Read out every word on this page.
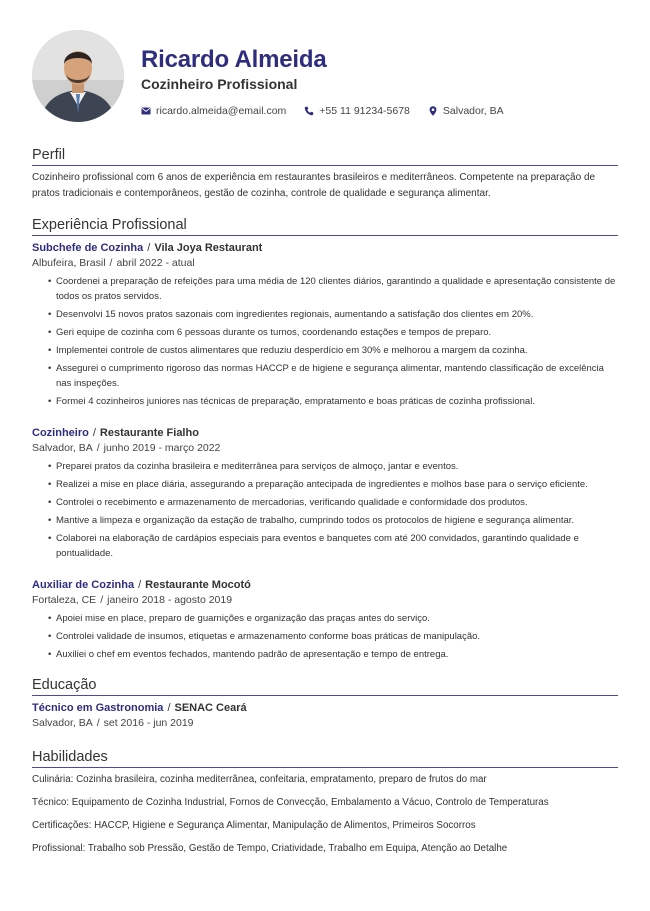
Ricardo Almeida
Cozinheiro Profissional
ricardo.almeida@email.com	+55 11 91234-5678	Salvador, BA
Perfil
Cozinheiro profissional com 6 anos de experiência em restaurantes brasileiros e mediterrâneos. Competente na preparação de pratos tradicionais e contemporâneos, gestão de cozinha, controle de qualidade e segurança alimentar.
Experiência Profissional
Subchefe de Cozinha / Vila Joya Restaurant
Albufeira, Brasil / abril 2022 - atual
• Coordenei a preparação de refeições para uma média de 120 clientes diários, garantindo a qualidade e apresentação consistente de todos os pratos servidos.
• Desenvolvi 15 novos pratos sazonais com ingredientes regionais, aumentando a satisfação dos clientes em 20%.
• Geri equipe de cozinha com 6 pessoas durante os turnos, coordenando estações e tempos de preparo.
• Implementei controle de custos alimentares que reduziu desperdício em 30% e melhorou a margem da cozinha.
• Assegurei o cumprimento rigoroso das normas HACCP e de higiene e segurança alimentar, mantendo classificação de excelência nas inspeções.
• Formei 4 cozinheiros juniores nas técnicas de preparação, empratamento e boas práticas de cozinha profissional.
Cozinheiro / Restaurante Fialho
Salvador, BA / junho 2019 - março 2022
• Preparei pratos da cozinha brasileira e mediterrânea para serviços de almoço, jantar e eventos.
• Realizei a mise en place diária, assegurando a preparação antecipada de ingredientes e molhos base para o serviço eficiente.
• Controlei o recebimento e armazenamento de mercadorias, verificando qualidade e conformidade dos produtos.
• Mantive a limpeza e organização da estação de trabalho, cumprindo todos os protocolos de higiene e segurança alimentar.
• Colaborei na elaboração de cardápios especiais para eventos e banquetes com até 200 convidados, garantindo qualidade e pontualidade.
Auxiliar de Cozinha / Restaurante Mocotó
Fortaleza, CE / janeiro 2018 - agosto 2019
• Apoiei mise en place, preparo de guarnições e organização das praças antes do serviço.
• Controlei validade de insumos, etiquetas e armazenamento conforme boas práticas de manipulação.
• Auxiliei o chef em eventos fechados, mantendo padrão de apresentação e tempo de entrega.
Educação
Técnico em Gastronomia / SENAC Ceará
Salvador, BA / set 2016 - jun 2019
Habilidades
Culinária: Cozinha brasileira, cozinha mediterrânea, confeitaria, empratamento, preparo de frutos do mar
Técnico: Equipamento de Cozinha Industrial, Fornos de Convecção, Embalamento a Vácuo, Controlo de Temperaturas
Certificações: HACCP, Higiene e Segurança Alimentar, Manipulação de Alimentos, Primeiros Socorros
Profissional: Trabalho sob Pressão, Gestão de Tempo, Criatividade, Trabalho em Equipa, Atenção ao Detalhe
